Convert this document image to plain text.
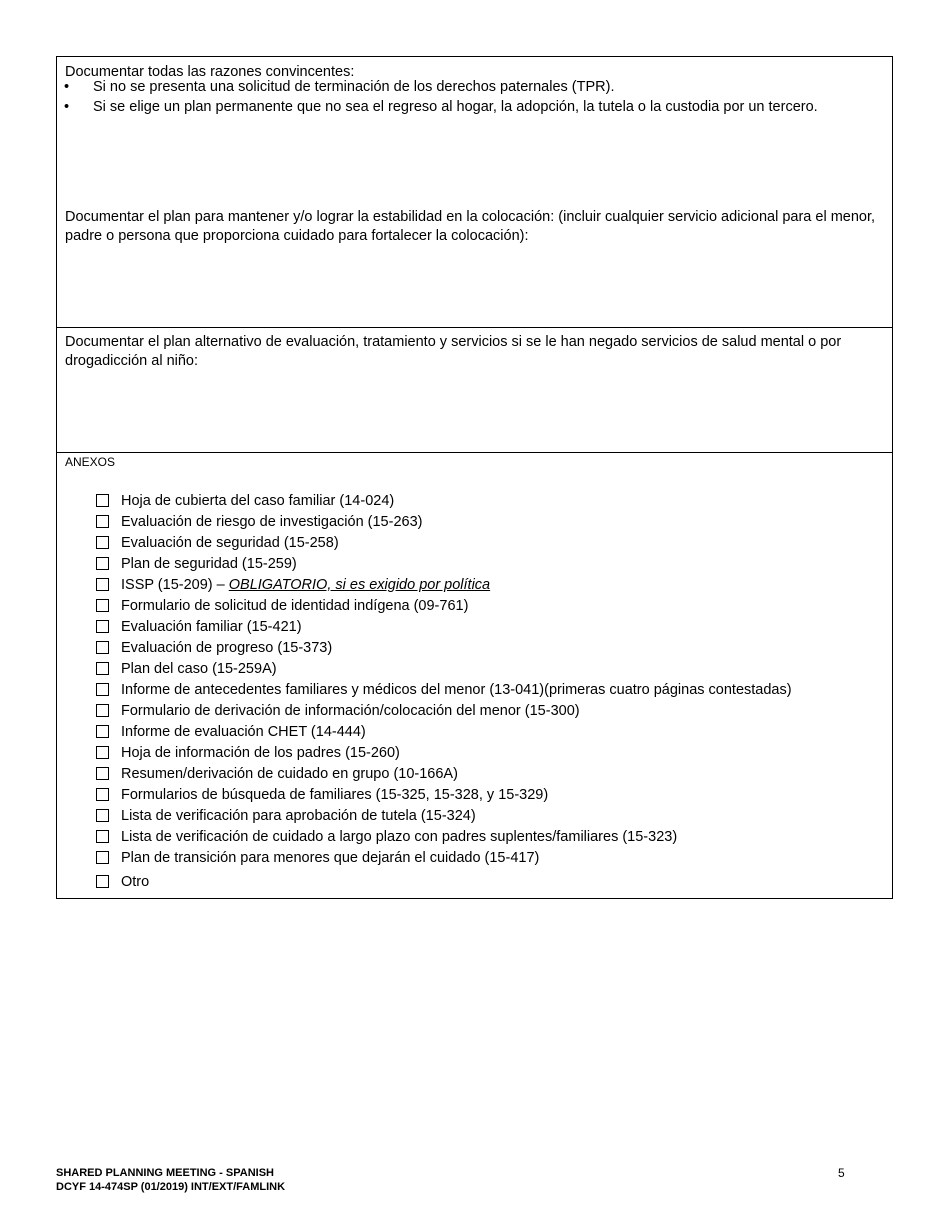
Documentar todas las razones convincentes:
• Si no se presenta una solicitud de terminación de los derechos paternales (TPR).
• Si se elige un plan permanente que no sea el regreso al hogar, la adopción, la tutela o la custodia por un tercero.
Documentar el plan para mantener y/o lograr la estabilidad en la colocación: (incluir cualquier servicio adicional para el menor, padre o persona que proporciona cuidado para fortalecer la colocación):
Documentar el plan alternativo de evaluación, tratamiento y servicios si se le han negado servicios de salud mental o por drogadicción al niño:
ANEXOS
Hoja de cubierta del caso familiar (14-024)
Evaluación de riesgo de investigación (15-263)
Evaluación de seguridad (15-258)
Plan de seguridad (15-259)
ISSP (15-209) – OBLIGATORIO, si es exigido por política
Formulario de solicitud de identidad indígena (09-761)
Evaluación familiar (15-421)
Evaluación de progreso (15-373)
Plan del caso (15-259A)
Informe de antecedentes familiares y médicos del menor (13-041)(primeras cuatro páginas contestadas)
Formulario de derivación de información/colocación del menor (15-300)
Informe de evaluación CHET (14-444)
Hoja de información de los padres (15-260)
Resumen/derivación de cuidado en grupo (10-166A)
Formularios de búsqueda de familiares (15-325, 15-328, y 15-329)
Lista de verificación para aprobación de tutela (15-324)
Lista de verificación de cuidado a largo plazo con padres suplentes/familiares (15-323)
Plan de transición para menores que dejarán el cuidado (15-417)
Otro
SHARED PLANNING MEETING - SPANISH
DCYF 14-474SP (01/2019) INT/EXT/FAMLINK
5
